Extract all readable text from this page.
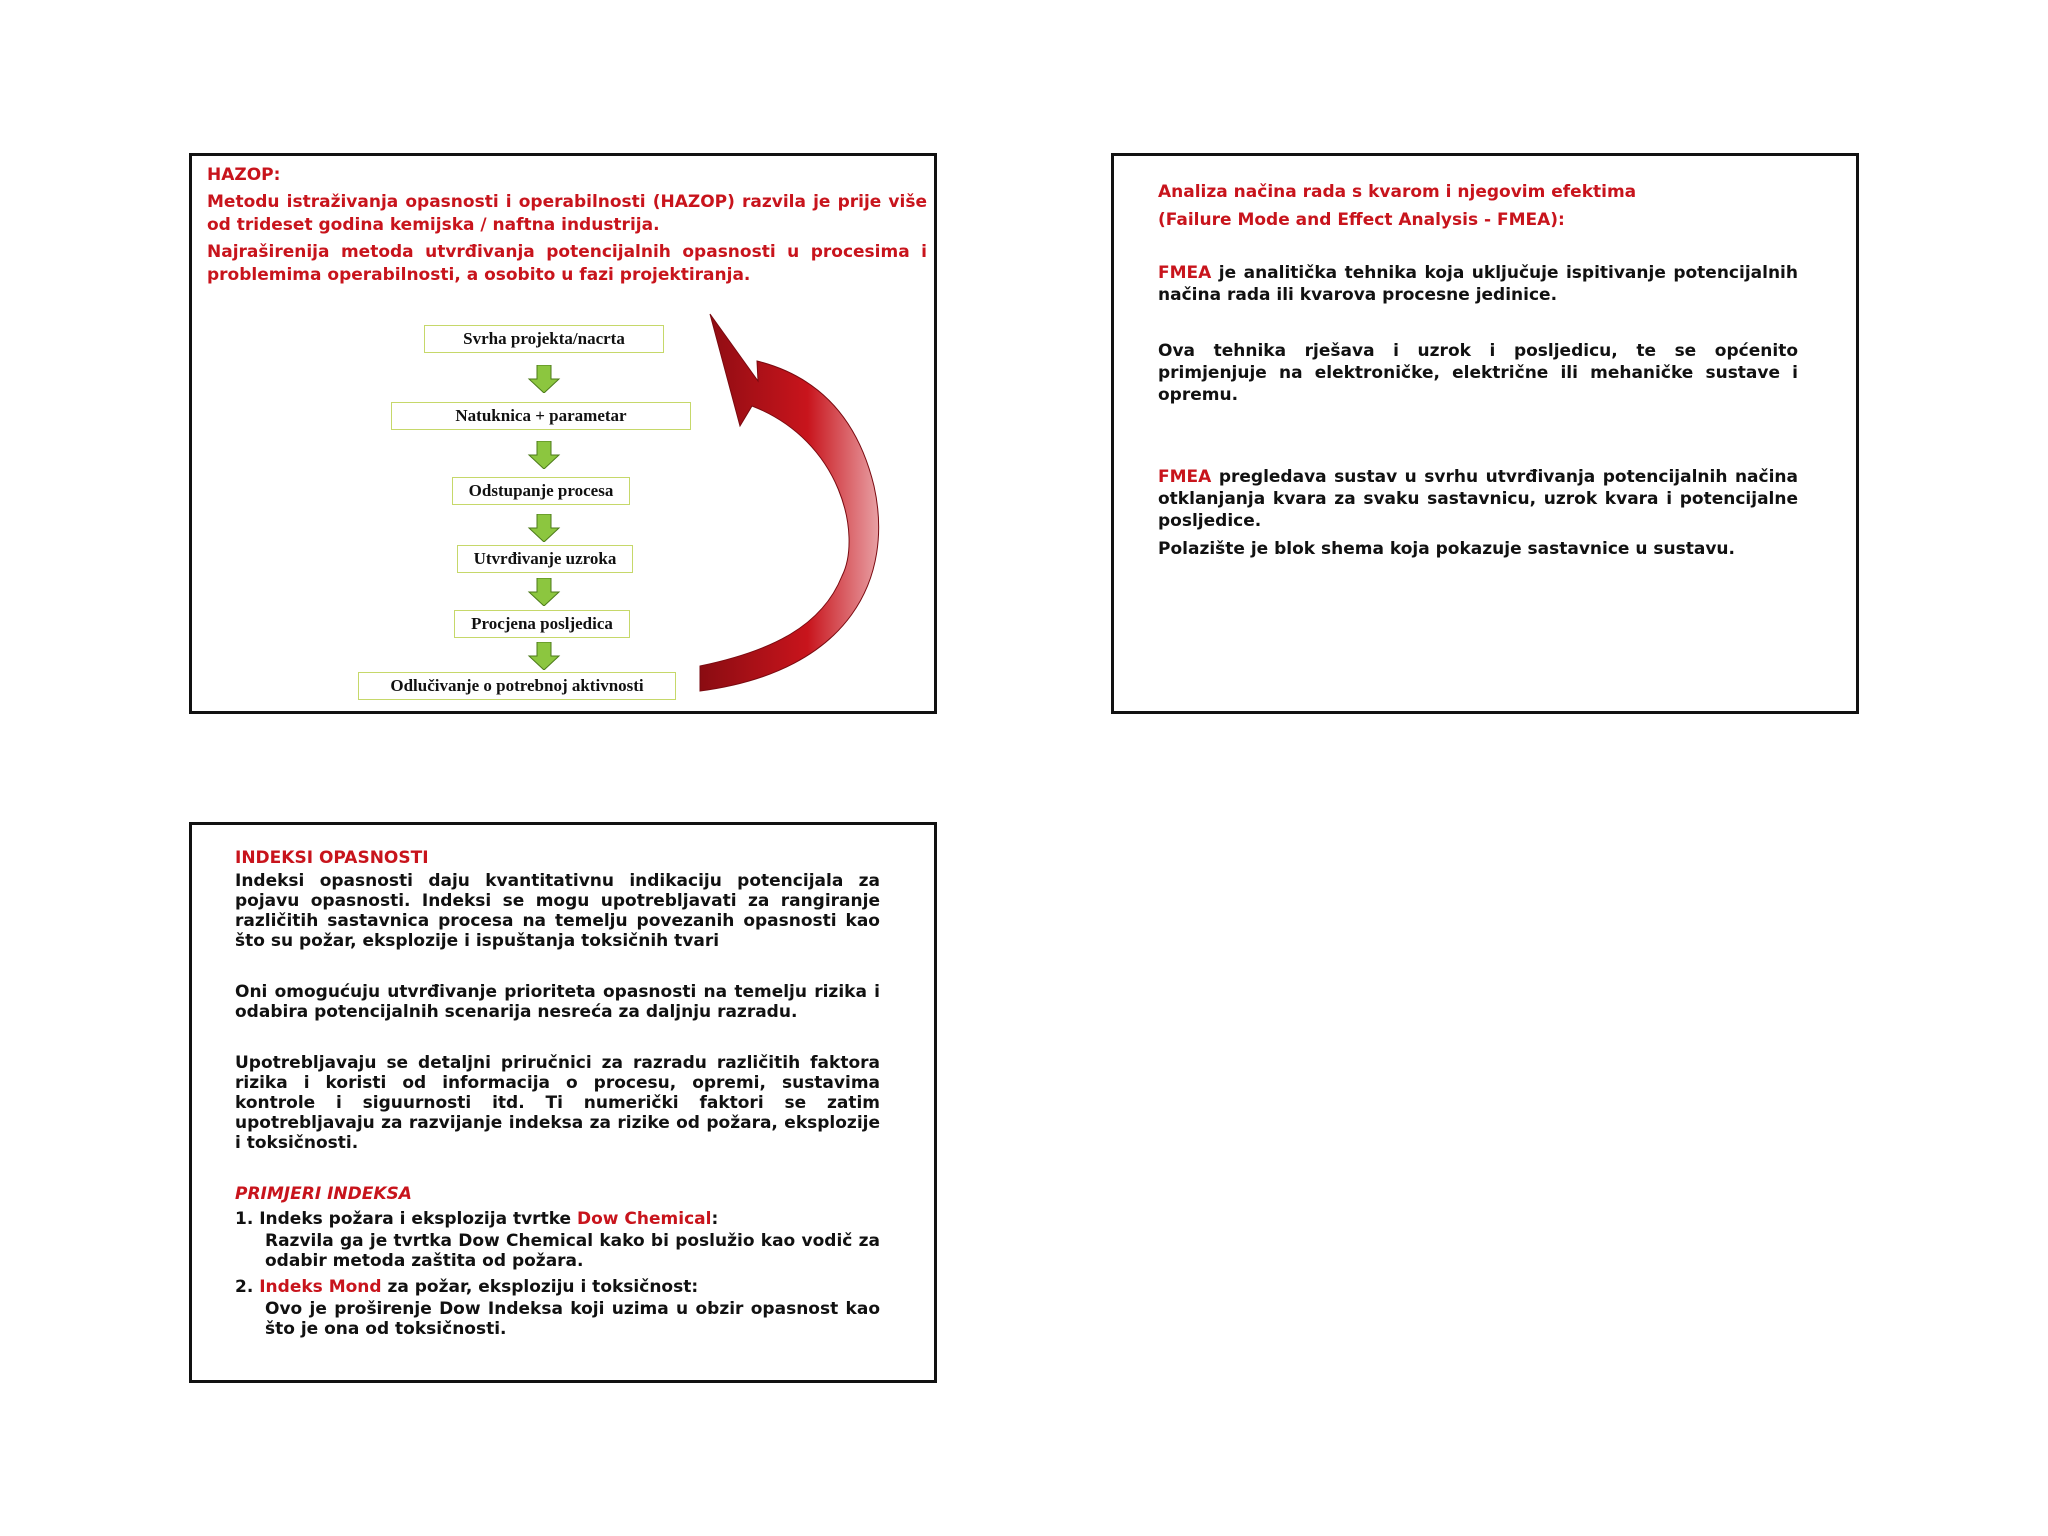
HAZOP:

Metodu istraživanja opasnosti i operabilnosti (HAZOP) razvila je prije više od trideset godina kemijska / naftna industrija.

Najraširenija metoda utvrđivanja potencijalnih opasnosti u procesima i problemima operabilnosti, a osobito u fazi projektiranja.

Svrha projekta/nacrta
Natuknica + parametar
Odstupanje procesa
Utvrđivanje uzroka
Procjena posljedica
Odlučivanje o potrebnoj aktivnosti

Analiza načina rada s kvarom i njegovim efektima

(Failure Mode and Effect Analysis - FMEA):

FMEA je analitička tehnika koja uključuje ispitivanje potencijalnih načina rada ili kvarova procesne jedinice.

Ova tehnika rješava i uzrok i posljedicu, te se općenito primjenjuje na elektroničke, električne ili mehaničke sustave i opremu.

FMEA pregledava sustav u svrhu utvrđivanja potencijalnih načina otklanjanja kvara za svaku sastavnicu, uzrok kvara i potencijalne posljedice.

Polazište je blok shema koja pokazuje sastavnice u sustavu.

INDEKSI OPASNOSTI

Indeksi opasnosti daju kvantitativnu indikaciju potencijala za pojavu opasnosti. Indeksi se mogu upotrebljavati za rangiranje različitih sastavnica procesa na temelju povezanih opasnosti kao što su požar, eksplozije i ispuštanja toksičnih tvari

Oni omogućuju utvrđivanje prioriteta opasnosti na temelju rizika i odabira potencijalnih scenarija nesreća za daljnju razradu.

Upotrebljavaju se detaljni priručnici za razradu različitih faktora rizika i koristi od informacija o procesu, opremi, sustavima kontrole i siguurnosti itd. Ti numerički faktori se zatim upotrebljavaju za razvijanje indeksa za rizike od požara, eksplozije i toksičnosti.

PRIMJERI INDEKSA

1. Indeks požara i eksplozija tvrtke Dow Chemical:

Razvila ga je tvrtka Dow Chemical kako bi poslužio kao vodič za odabir metoda zaštita od požara.

2. Indeks Mond za požar, eksploziju i toksičnost:

Ovo je proširenje Dow Indeksa koji uzima u obzir opasnost kao što je ona od toksičnosti.
